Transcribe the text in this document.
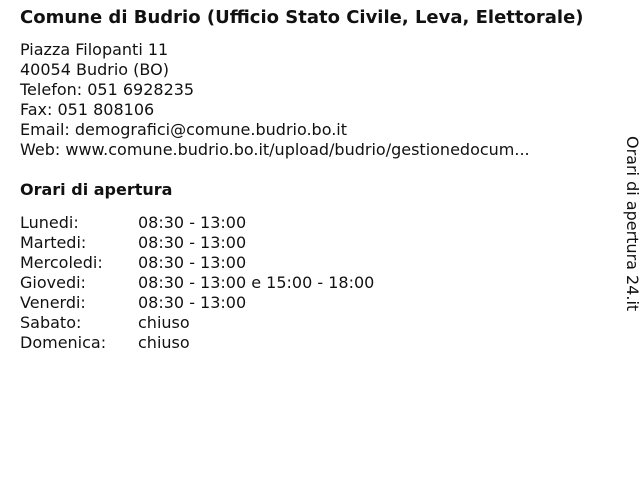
Comune di Budrio (Ufficio Stato Civile, Leva, Elettorale)
Piazza Filopanti 11
40054 Budrio (BO)
Telefon: 051 6928235
Fax: 051 808106
Email: demografici@comune.budrio.bo.it
Web: www.comune.budrio.bo.it/upload/budrio/gestionedocum...
Orari di apertura
Lunedi:	08:30 - 13:00
Martedi:	08:30 - 13:00
Mercoledi:	08:30 - 13:00
Giovedi:	08:30 - 13:00 e 15:00 - 18:00
Venerdi:	08:30 - 13:00
Sabato:	chiuso
Domenica:	chiuso
Orari di apertura 24.it
